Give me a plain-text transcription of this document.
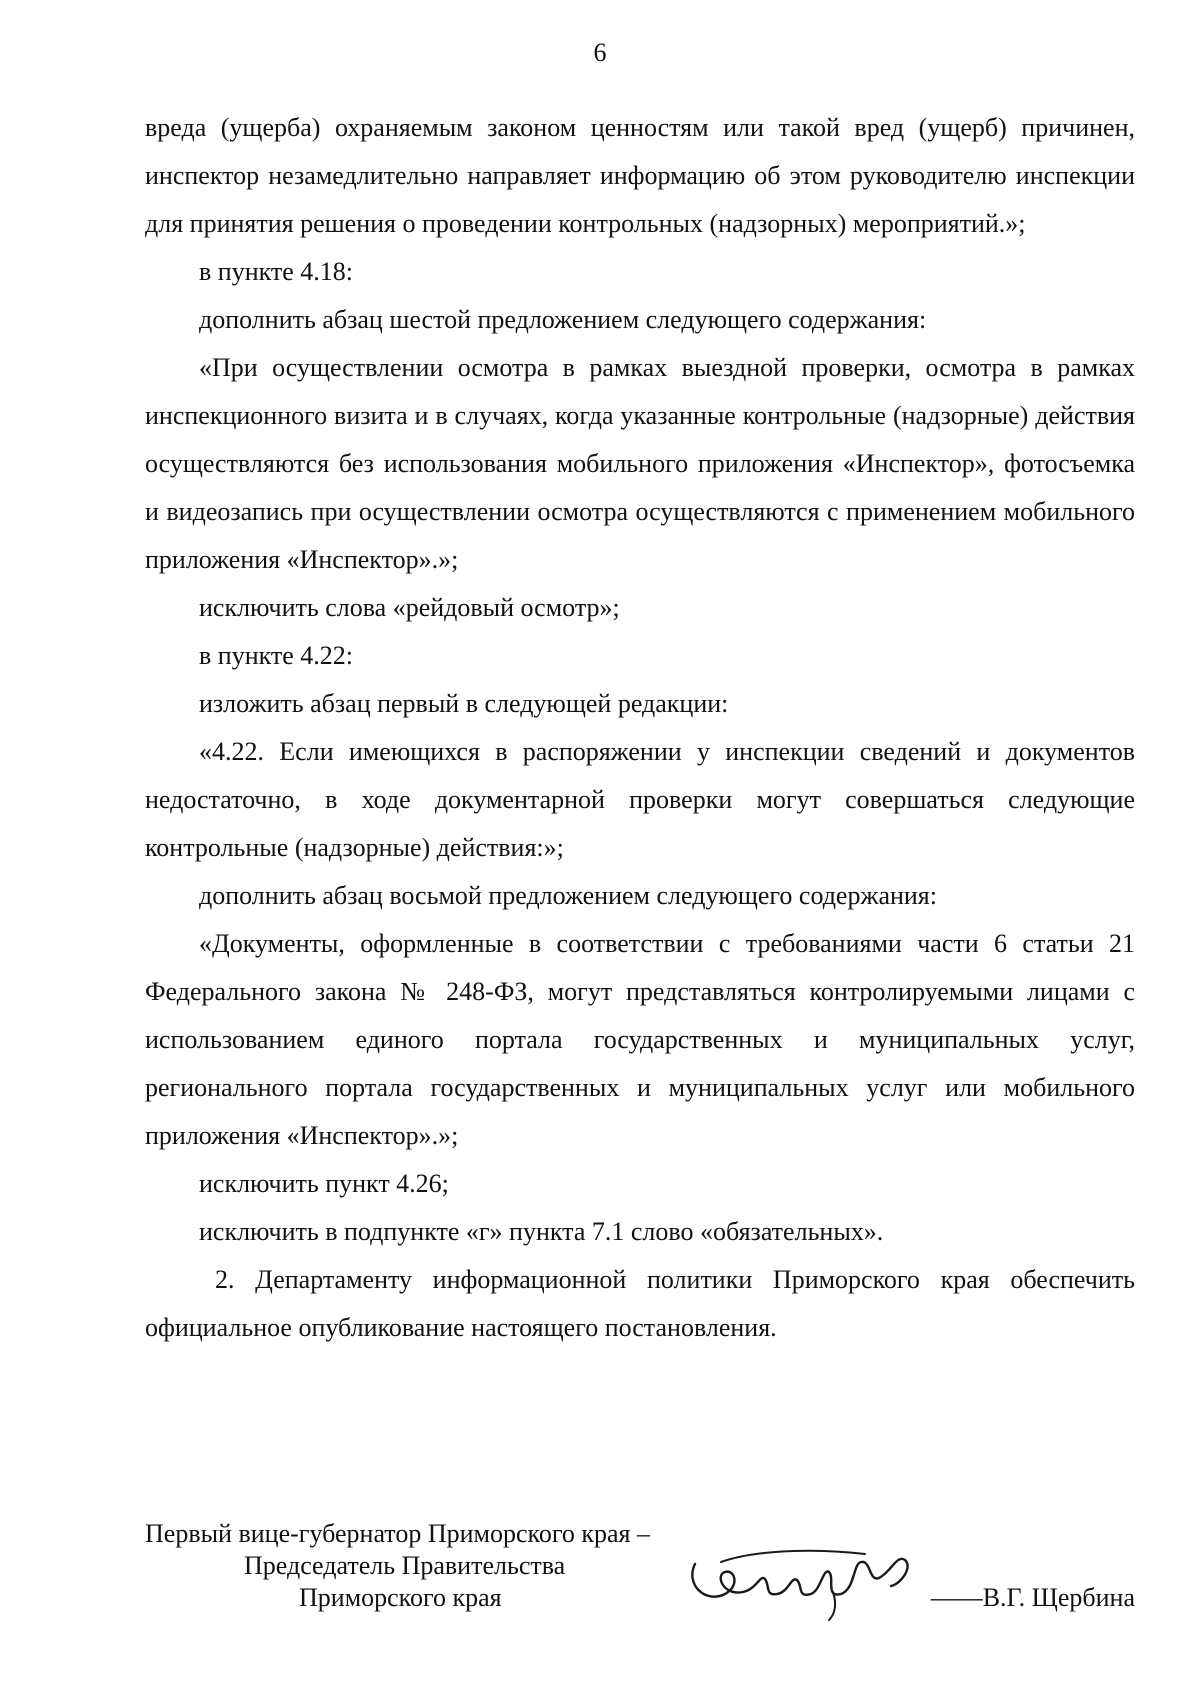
6

вреда (ущерба) охраняемым законом ценностям или такой вред (ущерб) причинен, инспектор незамедлительно направляет информацию об этом руководителю инспекции для принятия решения о проведении контрольных (надзорных) мероприятий.»;

в пункте 4.18:

дополнить абзац шестой предложением следующего содержания:

«При осуществлении осмотра в рамках выездной проверки, осмотра в рамках инспекционного визита и в случаях, когда указанные контрольные (надзорные) действия осуществляются без использования мобильного приложения «Инспектор», фотосъемка и видеозапись при осуществлении осмотра осуществляются с применением мобильного приложения «Инспектор».»;

исключить слова «рейдовый осмотр»;

в пункте 4.22:

изложить абзац первый в следующей редакции:

«4.22. Если имеющихся в распоряжении у инспекции сведений и документов недостаточно, в ходе документарной проверки могут совершаться следующие контрольные (надзорные) действия:»;

дополнить абзац восьмой предложением следующего содержания:

«Документы, оформленные в соответствии с требованиями части 6 статьи 21 Федерального закона № 248-ФЗ, могут представляться контролируемыми лицами с использованием единого портала государственных и муниципальных услуг, регионального портала государственных и муниципальных услуг или мобильного приложения «Инспектор».»;

исключить пункт 4.26;

исключить в подпункте «г» пункта 7.1 слово «обязательных».

2. Департаменту информационной политики Приморского края обеспечить официальное опубликование настоящего постановления.

Первый вице-губернатор Приморского края –
Председатель Правительства
Приморского края	——В.Г. Щербина
